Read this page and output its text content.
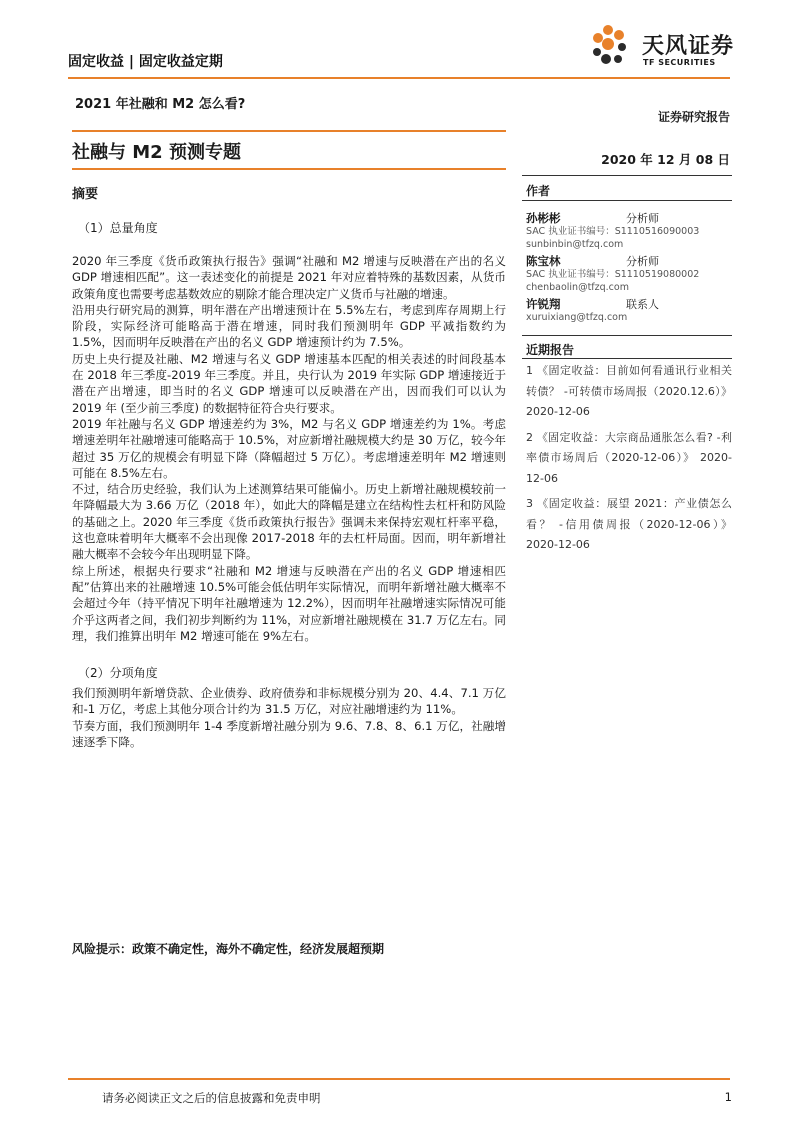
固定收益 | 固定收益定期
天风证券
TF SECURITIES
2021 年社融和 M2 怎么看?
证券研究报告
社融与 M2 预测专题	2020 年 12 月 08 日
摘要
（1）总量角度

2020 年三季度《货币政策执行报告》强调“社融和 M2 增速与反映潜在产出的名义 GDP 增速相匹配”。这一表述变化的前提是 2021 年对应着特殊的基数因素，从货币政策角度也需要考虑基数效应的剔除才能合理决定广义货币与社融的增速。

沿用央行研究局的测算，明年潜在产出增速预计在 5.5%左右，考虑到库存周期上行阶段，实际经济可能略高于潜在增速，同时我们预测明年 GDP 平减指数约为 1.5%，因而明年反映潜在产出的名义 GDP 增速预计约为 7.5%。

历史上央行提及社融、M2 增速与名义 GDP 增速基本匹配的相关表述的时间段基本在 2018 年三季度-2019 年三季度。并且，央行认为 2019 年实际 GDP 增速接近于潜在产出增速，即当时的名义 GDP 增速可以反映潜在产出，因而我们可以认为 2019 年 (至少前三季度) 的数据特征符合央行要求。

2019 年社融与名义 GDP 增速差约为 3%，M2 与名义 GDP 增速差约为 1%。考虑增速差明年社融增速可能略高于 10.5%，对应新增社融规模大约是 30 万亿，较今年超过 35 万亿的规模会有明显下降（降幅超过 5 万亿）。考虑增速差明年 M2 增速则可能在 8.5%左右。

不过，结合历史经验，我们认为上述测算结果可能偏小。历史上新增社融规模较前一年降幅最大为 3.66 万亿（2018 年），如此大的降幅是建立在结构性去杠杆和防风险的基础之上。2020 年三季度《货币政策执行报告》强调未来保持宏观杠杆率平稳，这也意味着明年大概率不会出现像 2017-2018 年的去杠杆局面。因而，明年新增社融大概率不会较今年出现明显下降。

综上所述，根据央行要求“社融和 M2 增速与反映潜在产出的名义 GDP 增速相匹配”估算出来的社融增速 10.5%可能会低估明年实际情况，而明年新增社融大概率不会超过今年（持平情况下明年社融增速为 12.2%），因而明年社融增速实际情况可能介乎这两者之间，我们初步判断约为 11%，对应新增社融规模在 31.7 万亿左右。同理，我们推算出明年 M2 增速可能在 9%左右。

（2）分项角度

我们预测明年新增贷款、企业债券、政府债券和非标规模分别为 20、4.4、7.1 万亿和-1 万亿，考虑上其他分项合计约为 31.5 万亿，对应社融增速约为 11%。

节奏方面，我们预测明年 1-4 季度新增社融分别为 9.6、7.8、8、6.1 万亿，社融增速逐季下降。

风险提示：政策不确定性，海外不确定性，经济发展超预期
作者
孙彬彬	分析师
SAC 执业证书编号：S1110516090003
sunbinbin@tfzq.com
陈宝林	分析师
SAC 执业证书编号：S1110519080002
chenbaolin@tfzq.com
许锐翔	联系人
xuruixiang@tfzq.com
近期报告

1 《固定收益：目前如何看通讯行业相关转债？ -可转债市场周报（2020.12.6）》 2020-12-06

2 《固定收益：大宗商品通胀怎么看? -利率债市场周后（2020-12-06）》 2020-12-06

3 《固定收益：展望 2021：产业债怎么看？ -信用债周报（2020-12-06）》 2020-12-06

请务必阅读正文之后的信息披露和免责申明	1
